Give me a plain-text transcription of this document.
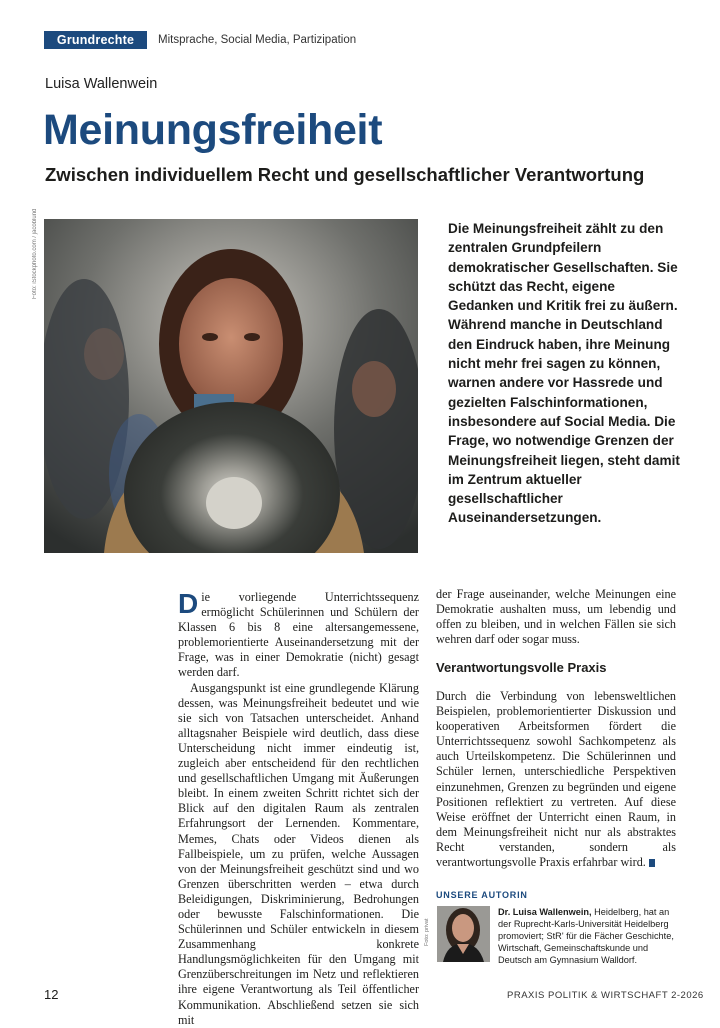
Grundrechte	Mitsprache, Social Media, Partizipation
Luisa Wallenwein
Meinungsfreiheit
Zwischen individuellem Recht und gesellschaftlicher Verantwortung
Foto: iStockphoto.com / jacoblund	Die Meinungsfreiheit zählt zu den zentralen Grundpfeilern demokratischer Gesellschaften. Sie schützt das Recht, eigene Gedanken und Kritik frei zu äußern. Während manche in Deutschland den Eindruck haben, ihre Meinung nicht mehr frei sagen zu können, warnen andere vor Hassrede und gezielten Falschinformationen, insbesondere auf Social Media. Die Frage, wo notwendige Grenzen der Meinungsfreiheit liegen, steht damit im Zentrum aktueller gesellschaftlicher Auseinandersetzungen.

Die vorliegende Unterrichtssequenz ermöglicht Schülerinnen und Schülern der Klassen 6 bis 8 eine altersangemessene, problemorientierte Auseinandersetzung mit der Frage, was in einer Demokratie (nicht) gesagt werden darf.

Ausgangspunkt ist eine grundlegende Klärung dessen, was Meinungsfreiheit bedeutet und wie sie sich von Tatsachen unterscheidet. Anhand alltagsnaher Beispiele wird deutlich, dass diese Unterscheidung nicht immer eindeutig ist, zugleich aber entscheidend für den rechtlichen und gesellschaftlichen Umgang mit Äußerungen bleibt. In einem zweiten Schritt richtet sich der Blick auf den digitalen Raum als zentralen Erfahrungsort der Lernenden. Kommentare, Memes, Chats oder Videos dienen als Fallbeispiele, um zu prüfen, welche Aussagen von der Meinungsfreiheit geschützt sind und wo Grenzen überschritten werden – etwa durch Beleidigungen, Diskriminierung, Bedrohungen oder bewusste Falschinformationen. Die Schülerinnen und Schüler entwickeln in diesem Zusammenhang konkrete Handlungsmöglichkeiten für den Umgang mit Grenzüberschreitungen im Netz und reflektieren ihre eigene Verantwortung als Teil öffentlicher Kommunikation. Abschließend setzen sie sich mit

der Frage auseinander, welche Meinungen eine Demokratie aushalten muss, um lebendig und offen zu bleiben, und in welchen Fällen sie sich wehren darf oder sogar muss.

Verantwortungsvolle Praxis

Durch die Verbindung von lebensweltlichen Beispielen, problemorientierter Diskussion und kooperativen Arbeitsformen fördert die Unterrichtssequenz sowohl Sachkompetenz als auch Urteilskompetenz. Die Schülerinnen und Schüler lernen, unterschiedliche Perspektiven einzunehmen, Grenzen zu begründen und eigene Positionen reflektiert zu vertreten. Auf diese Weise eröffnet der Unterricht einen Raum, in dem Meinungsfreiheit nicht nur als abstraktes Recht verstanden, sondern als verantwortungsvolle Praxis erfahrbar wird.

UNSERE AUTORIN
Foto: privat
Dr. Luisa Wallenwein, Heidelberg, hat an der Ruprecht-Karls-Universität Heidelberg promoviert; StR' für die Fächer Geschichte, Wirtschaft, Gemeinschaftskunde und Deutsch am Gymnasium Walldorf.
12	PRAXIS POLITIK & WIRTSCHAFT 2-2026
